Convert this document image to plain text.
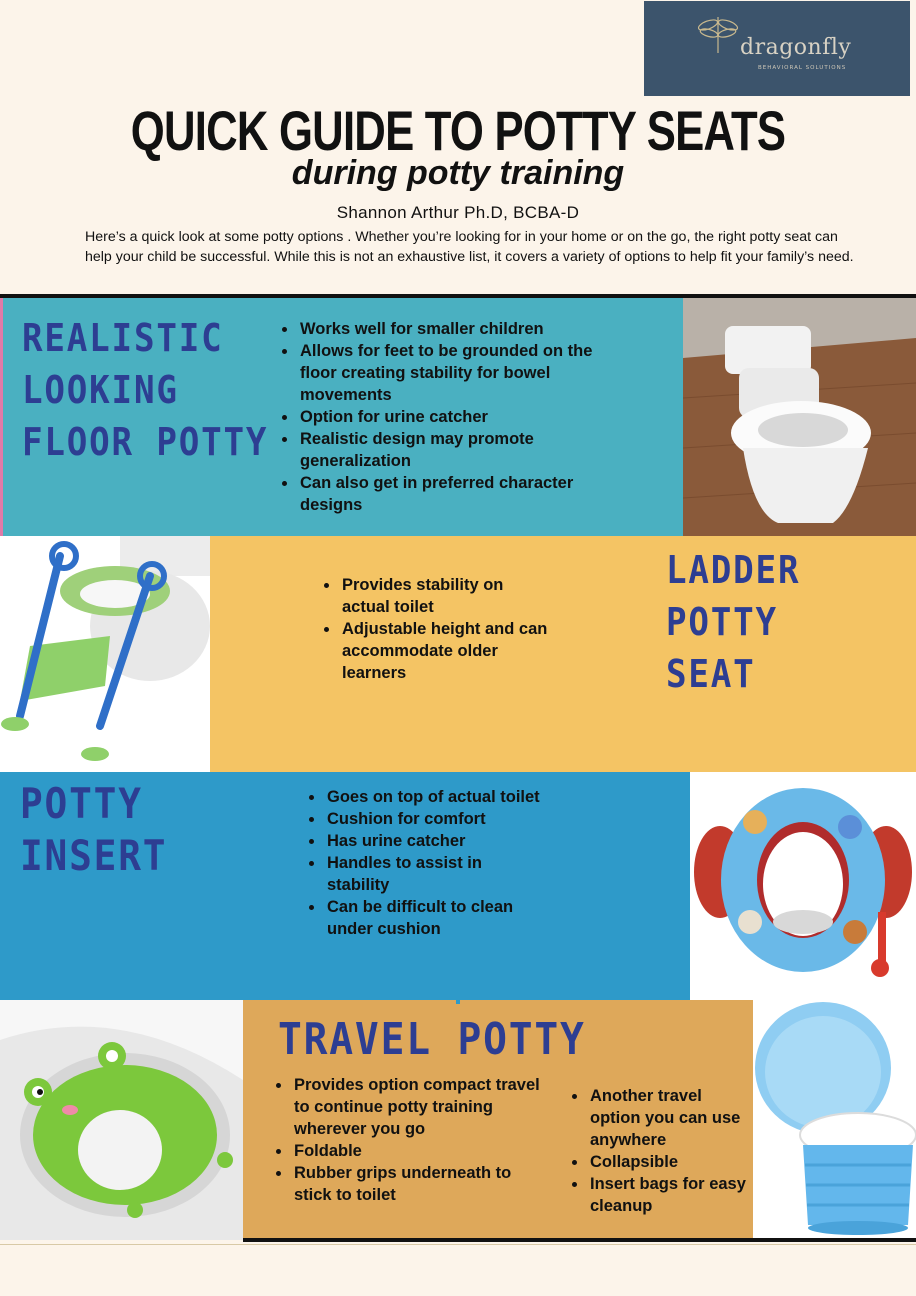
dragonfly
BEHAVIORAL SOLUTIONS
QUICK GUIDE TO POTTY SEATS
during potty training
Shannon Arthur Ph.D, BCBA-D
Here’s a quick look at some potty options . Whether you’re looking for in your home or on the go, the right potty seat can help your child be successful. While this is not an exhaustive list, it covers a variety of options to help fit your family’s need.
REALISTIC
LOOKING
FLOOR POTTY
• Works well for smaller children
• Allows for feet to be grounded on the floor creating stability for bowel movements
• Option for urine catcher
• Realistic design may promote generalization
• Can also get in preferred character designs
• Provides stability on actual toilet
• Adjustable height and can accommodate older learners
LADDER POTTY
SEAT
POTTY
INSERT
• Goes on top of actual toilet
• Cushion for comfort
• Has urine catcher
• Handles to assist in stability
• Can be difficult to clean under cushion
TRAVEL POTTY
• Provides option compact travel to continue potty training wherever you go
• Foldable
• Rubber grips underneath to stick to toilet
• Another travel option you can use anywhere
• Collapsible
• Insert bags for easy cleanup
